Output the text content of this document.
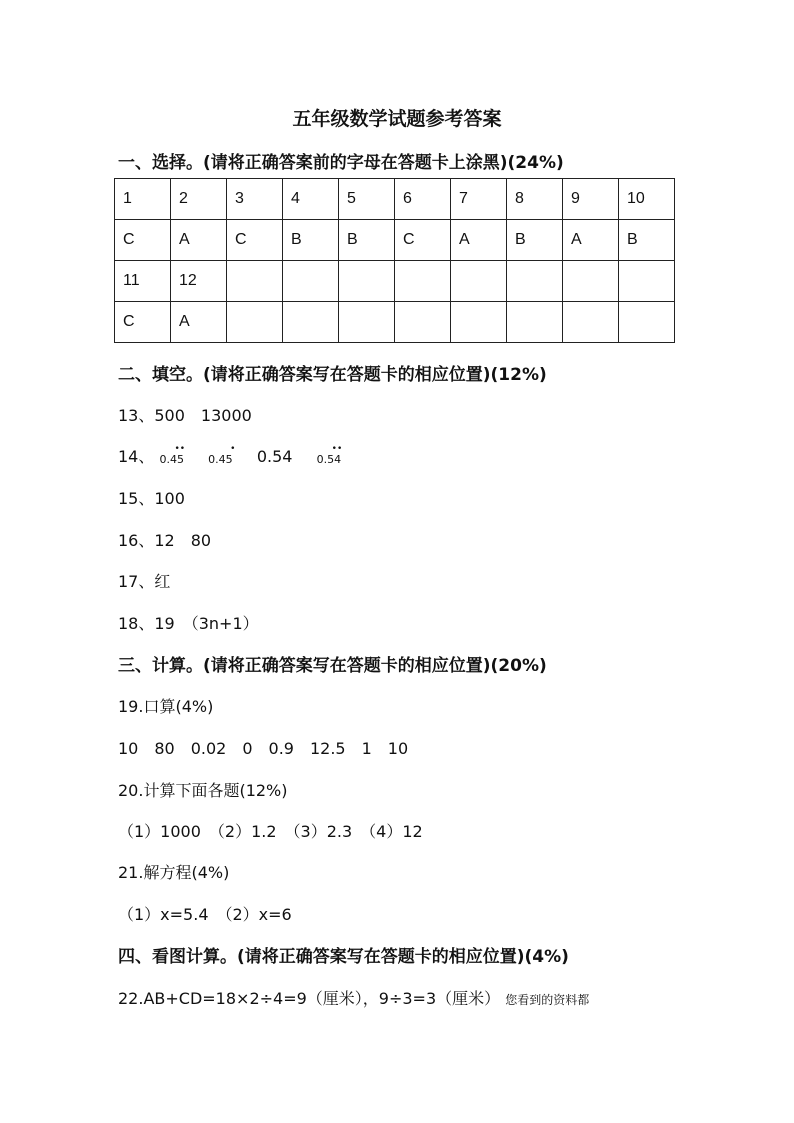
五年级数学试题参考答案
一、选择。(请将正确答案前的字母在答题卡上涂黑)(24%)
1	2	3	4	5	6	7	8	9	10
C	A	C	B	B	C	A	B	A	B
11	12								
C	A								
二、填空。(请将正确答案写在答题卡的相应位置)(12%)
13、500　13000
14、 0.45
••
0.45
• 0.54 0.54
••
15、100
16、12　80
17、红
18、19　（3n+1）
三、计算。(请将正确答案写在答题卡的相应位置)(20%)
19.口算(4%)
10　80　0.02　0　0.9　12.5　1　10
20.计算下面各题(12%)
（1）1000　（2）1.2　（3）2.3　（4）12
21.解方程(4%)
（1）x=5.4　（2）x=6
四、看图计算。(请将正确答案写在答题卡的相应位置)(4%)
22.AB+CD=18×2÷4=9（厘米），9÷3=3（厘米） 您看到的资料都
